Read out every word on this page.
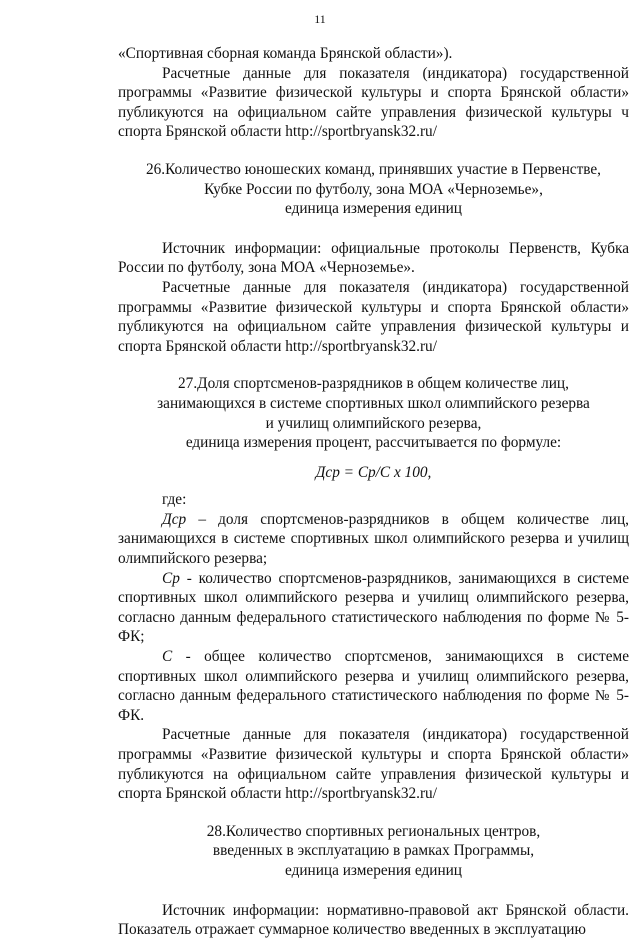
11

«Спортивная сборная команда Брянской области»).

Расчетные данные для показателя (индикатора) государственной программы «Развитие физической культуры и спорта Брянской области» публикуются на официальном сайте управления физической культуры ч спорта Брянской области http://sportbryansk32.ru/

26.Количество юношеских команд, принявших участие в Первенстве,

Кубке России по футболу, зона МОА «Черноземье»,

единица измерения единиц

Источник информации: официальные протоколы Первенств, Кубка России по футболу, зона МОА «Черноземье».

Расчетные данные для показателя (индикатора) государственной программы «Развитие физической культуры и спорта Брянской области» публикуются на официальном сайте управления физической культуры и спорта Брянской области http://sportbryansk32.ru/

27.Доля спортсменов-разрядников в общем количестве лиц,

занимающихся в системе спортивных школ олимпийского резерва

и училищ олимпийского резерва,

единица измерения процент, рассчитывается по формуле:

Дср = Ср/С х 100,

где:

Дср – доля спортсменов-разрядников в общем количестве лиц, занимающихся в системе спортивных школ олимпийского резерва и училищ олимпийского резерва;

Ср - количество спортсменов-разрядников, занимающихся в системе спортивных школ олимпийского резерва и училищ олимпийского резерва, согласно данным федерального статистического наблюдения по форме № 5-ФК;

С - общее количество спортсменов, занимающихся в системе спортивных школ олимпийского резерва и училищ олимпийского резерва, согласно данным федерального статистического наблюдения по форме № 5-ФК.

Расчетные данные для показателя (индикатора) государственной программы «Развитие физической культуры и спорта Брянской области» публикуются на официальном сайте управления физической культуры и спорта Брянской области http://sportbryansk32.ru/

28.Количество спортивных региональных центров,

введенных в эксплуатацию в рамках Программы,

единица измерения единиц

Источник информации: нормативно-правовой акт Брянской области. Показатель отражает суммарное количество введенных в эксплуатацию
